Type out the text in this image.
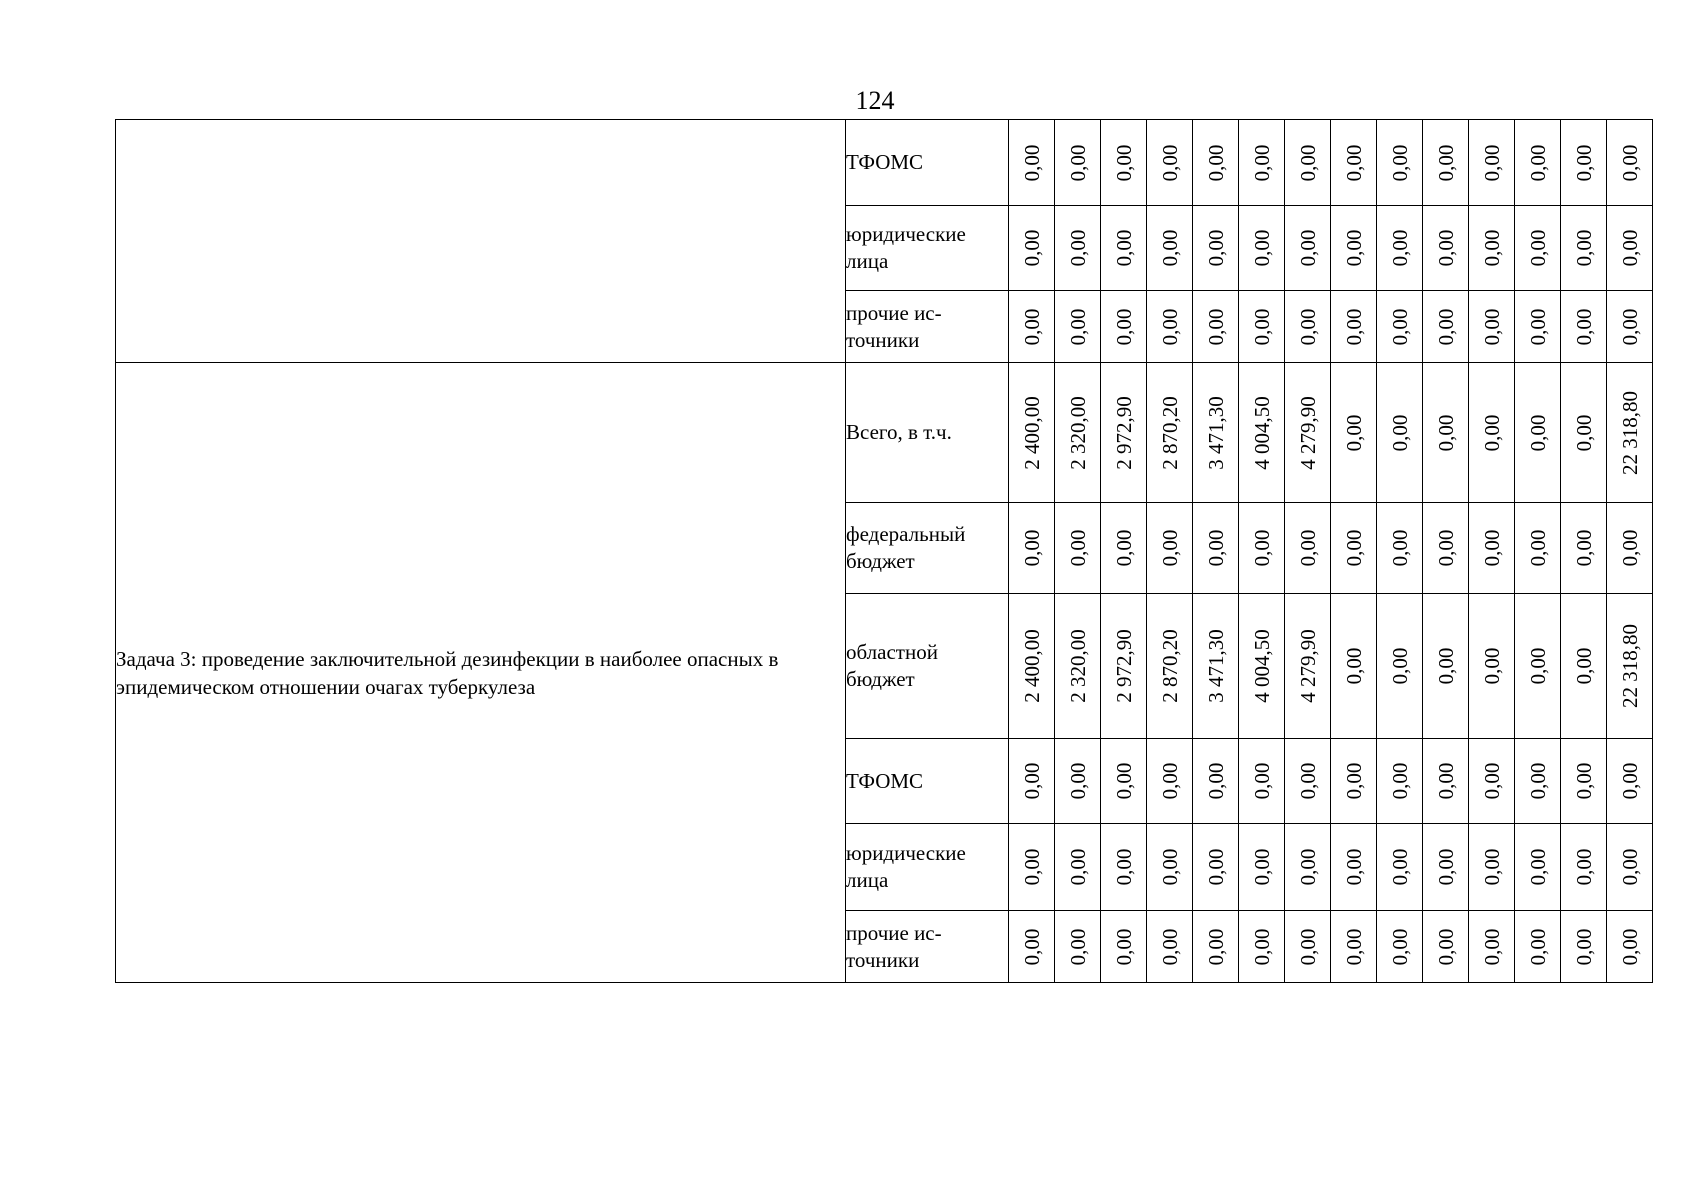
124
	ТФОМС	0,00	0,00	0,00	0,00	0,00	0,00	0,00	0,00	0,00	0,00	0,00	0,00	0,00	0,00

	юридические лица	0,00	0,00	0,00	0,00	0,00	0,00	0,00	0,00	0,00	0,00	0,00	0,00	0,00	0,00

	прочие ис-точники	0,00	0,00	0,00	0,00	0,00	0,00	0,00	0,00	0,00	0,00	0,00	0,00	0,00	0,00

Задача 3: проведение заключительной дезинфекции в наиболее опасных в эпидемическом отношении очагах туберкулеза	Всего, в т.ч.	2 400,00	2 320,00	2 972,90	2 870,20	3 471,30	4 004,50	4 279,90	0,00	0,00	0,00	0,00	0,00	0,00	22 318,80

	федеральный бюджет	0,00	0,00	0,00	0,00	0,00	0,00	0,00	0,00	0,00	0,00	0,00	0,00	0,00	0,00

	областной бюджет	2 400,00	2 320,00	2 972,90	2 870,20	3 471,30	4 004,50	4 279,90	0,00	0,00	0,00	0,00	0,00	0,00	22 318,80

	ТФОМС	0,00	0,00	0,00	0,00	0,00	0,00	0,00	0,00	0,00	0,00	0,00	0,00	0,00	0,00

	юридические лица	0,00	0,00	0,00	0,00	0,00	0,00	0,00	0,00	0,00	0,00	0,00	0,00	0,00	0,00

	прочие ис-точники	0,00	0,00	0,00	0,00	0,00	0,00	0,00	0,00	0,00	0,00	0,00	0,00	0,00	0,00
